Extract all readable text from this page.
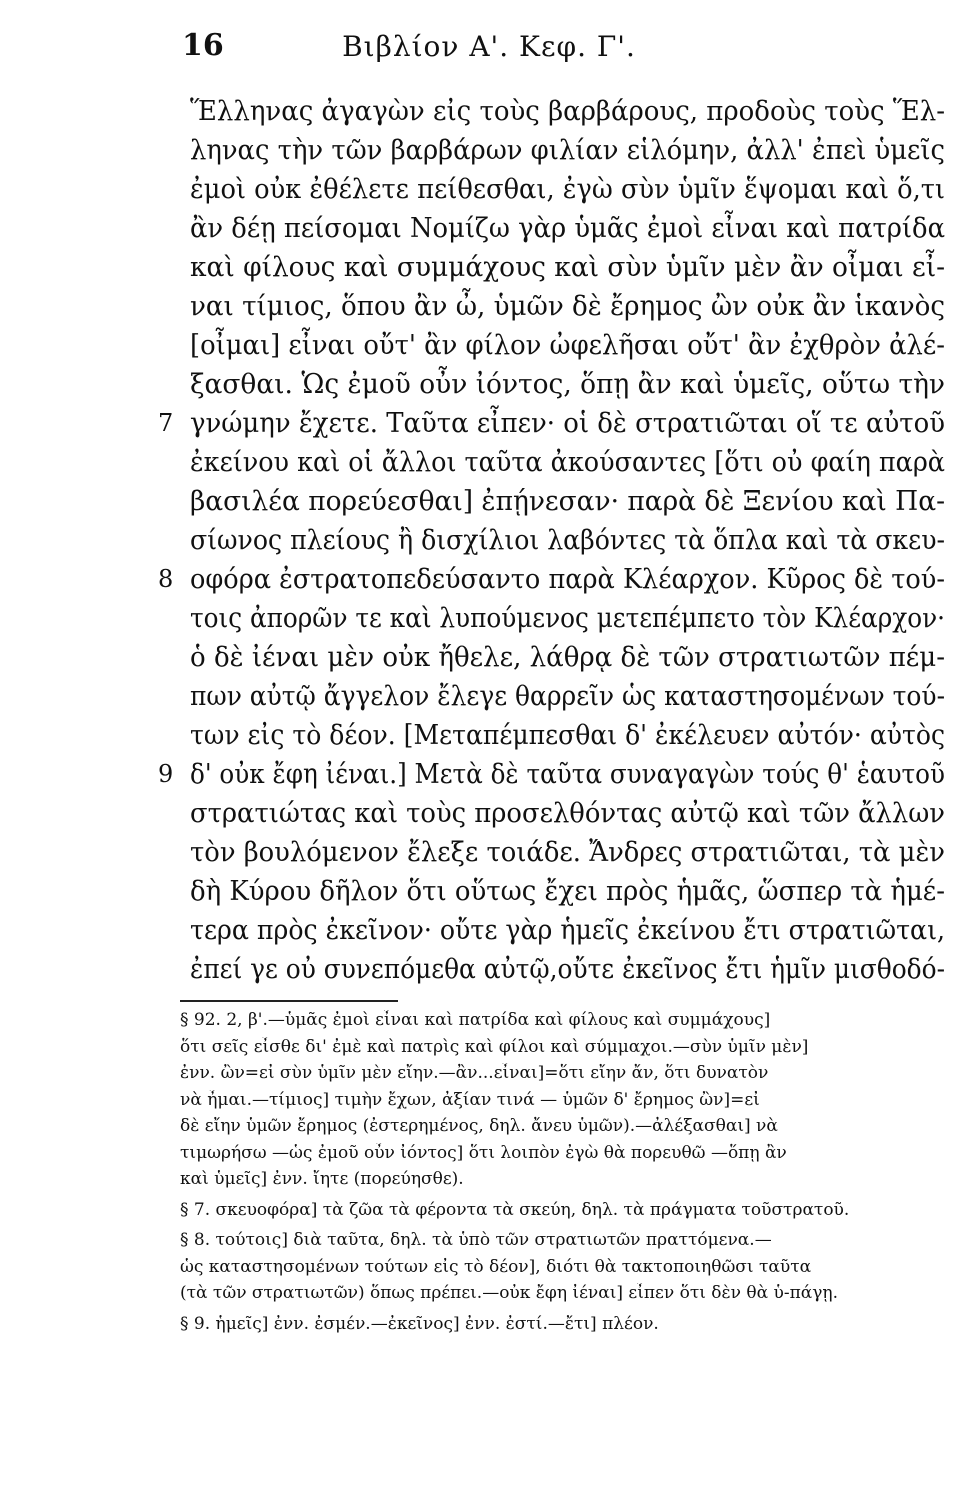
16	Βιβλίον Α'. Κεφ. Γ'.
Ἕλληνας ἀγαγὼν εἰς τοὺς βαρβάρους, προδοὺς τοὺς Ἕλ-
ληνας τὴν τῶν βαρβάρων φιλίαν εἱλόμην, ἀλλ' ἐπεὶ ὑμεῖς
ἐμοὶ οὐκ ἐθέλετε πείθεσθαι, ἐγὼ σὺν ὑμῖν ἕψομαι καὶ ὅ,τι
ἂν δέῃ πείσομαι Νομίζω γὰρ ὑμᾶς ἐμοὶ εἶναι καὶ πατρίδα
καὶ φίλους καὶ συμμάχους καὶ σὺν ὑμῖν μὲν ἂν οἶμαι εἶ-
ναι τίμιος, ὅπου ἂν ὦ, ὑμῶν δὲ ἔρημος ὢν οὐκ ἂν ἱκανὸς
[οἶμαι] εἶναι οὔτ' ἂν φίλον ὠφελῆσαι οὔτ' ἂν ἐχθρὸν ἀλέ-
ξασθαι. Ὡς ἐμοῦ οὖν ἰόντος, ὅπῃ ἂν καὶ ὑμεῖς, οὕτω τὴν
γνώμην ἔχετε. Ταῦτα εἶπεν· οἱ δὲ στρατιῶται οἵ τε αὐτοῦ
7
ἐκείνου καὶ οἱ ἄλλοι ταῦτα ἀκούσαντες [ὅτι οὐ φαίη παρὰ
βασιλέα πορεύεσθαι] ἐπῄνεσαν· παρὰ δὲ Ξενίου καὶ Πα-
σίωνος πλείους ἢ δισχίλιοι λαβόντες τὰ ὅπλα καὶ τὰ σκευ-
οφόρα ἐστρατοπεδεύσαντο παρὰ Κλέαρχον. Κῦρος δὲ τού-
8
τοις ἀπορῶν τε καὶ λυπούμενος μετεπέμπετο τὸν Κλέαρχον·
ὁ δὲ ἰέναι μὲν οὐκ ἤθελε, λάθρᾳ δὲ τῶν στρατιωτῶν πέμ-
πων αὐτῷ ἄγγελον ἔλεγε θαρρεῖν ὡς καταστησομένων τού-
των εἰς τὸ δέον. [Μεταπέμπεσθαι δ' ἐκέλευεν αὐτόν· αὐτὸς
δ' οὐκ ἔφη ἰέναι.] Μετὰ δὲ ταῦτα συναγαγὼν τούς θ' ἑαυτοῦ
9
στρατιώτας καὶ τοὺς προσελθόντας αὐτῷ καὶ τῶν ἄλλων
τὸν βουλόμενον ἔλεξε τοιάδε. Ἄνδρες στρατιῶται, τὰ μὲν
δὴ Κύρου δῆλον ὅτι οὕτως ἔχει πρὸς ἡμᾶς, ὥσπερ τὰ ἡμέ-
τερα πρὸς ἐκεῖνον· οὔτε γὰρ ἡμεῖς ἐκείνου ἔτι στρατιῶται,
ἐπεί γε οὐ συνεπόμεθα αὐτῷ,οὔτε ἐκεῖνος ἔτι ἡμῖν μισθοδό-
§ 92. 2, β'.—ὑμᾶς ἐμοὶ εἶναι καὶ πατρίδα καὶ φίλους καὶ συμμάχους]ὅτι σεῖς εἶσθε δι' ἐμὲ καὶ πατρὶς καὶ φίλοι καὶ σύμμαχοι.—σὺν ὑμῖν μὲν]ἐνν. ὢν=εἰ σὺν ὑμῖν μὲν εἴην.—ἂν...εἶναι]=ὅτι εἴην ἄν, ὅτι δυνατὸννὰ ἦμαι.—τίμιος] τιμὴν ἔχων, ἀξίαν τινά — ὑμῶν δ' ἔρημος ὢν]=εἰδὲ εἴην ὑμῶν ἔρημος (ἐστερημένος, δηλ. ἄνευ ὑμῶν).—ἀλέξασθαι] νὰτιμωρήσω —ὡς ἐμοῦ οὖν ἰόντος] ὅτι λοιπὸν ἐγὼ θὰ πορευθῶ —ὅπῃ ἂνκαὶ ὑμεῖς] ἐνν. ἴητε (πορεύησθε).
§ 7. σκευοφόρα] τὰ ζῶα τὰ φέροντα τὰ σκεύη, δηλ. τὰ πράγματα τοῦστρατοῦ.
§ 8. τούτοις] διὰ ταῦτα, δηλ. τὰ ὑπὸ τῶν στρατιωτῶν πραττόμενα.—ὡς καταστησομένων τούτων εἰς τὸ δέον], διότι θὰ τακτοποιηθῶσι ταῦτα(τὰ τῶν στρατιωτῶν) ὅπως πρέπει.—οὐκ ἔφη ἰέναι] εἶπεν ὅτι δὲν θὰ ὑ-πάγῃ.
§ 9. ἡμεῖς] ἐνν. ἐσμέν.—ἐκεῖνος] ἐνν. ἐστί.—ἔτι] πλέον.
